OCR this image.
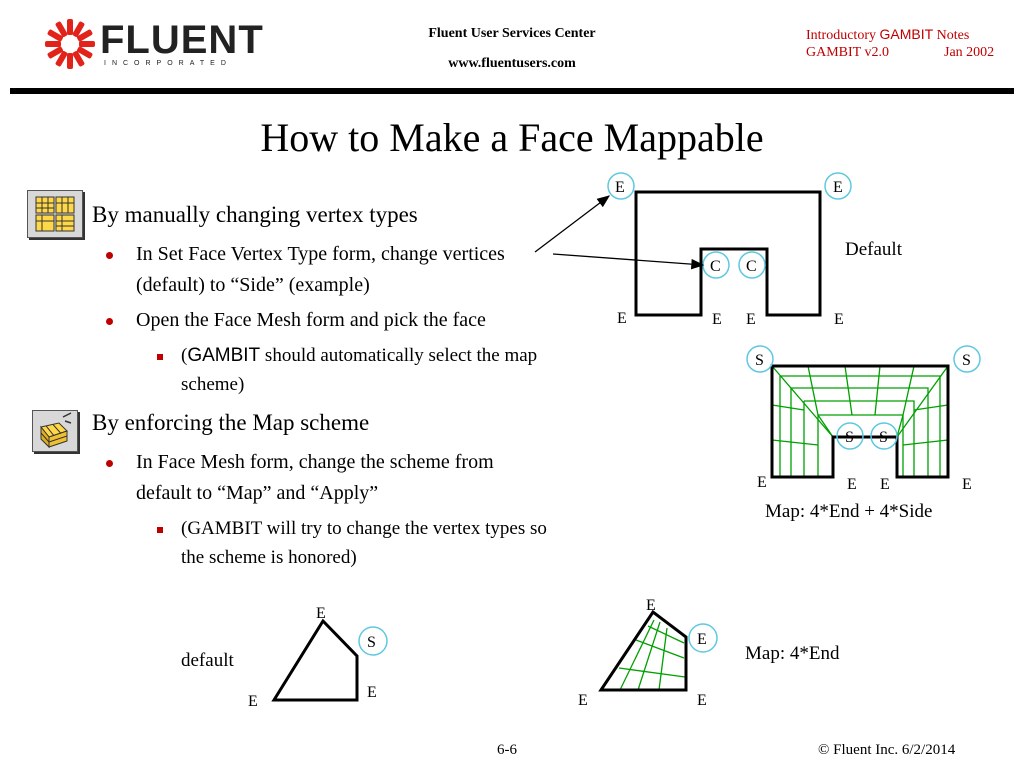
FLUENT
INCORPORATED
Fluent User Services Center
www.fluentusers.com
Introductory GAMBIT Notes
GAMBIT v2.0	Jan 2002
How to Make a Face Mappable
By manually changing vertex types
In Set Face Vertex Type form, change vertices (default) to “Side” (example)
Open the Face Mesh form and pick the face
(GAMBIT should automatically select the map scheme)
By enforcing the Map scheme
In Face Mesh form, change the scheme from default to “Map” and “Apply”
(GAMBIT will try to change the vertex types so the scheme is honored)
E	E
C C
E	E E	E
Default
S	S
S S
E	E E	E
Map: 4*End + 4*Side
E
S
E
E
default
E
E
E	E
Map: 4*End
6-6	© Fluent Inc. 6/2/2014
